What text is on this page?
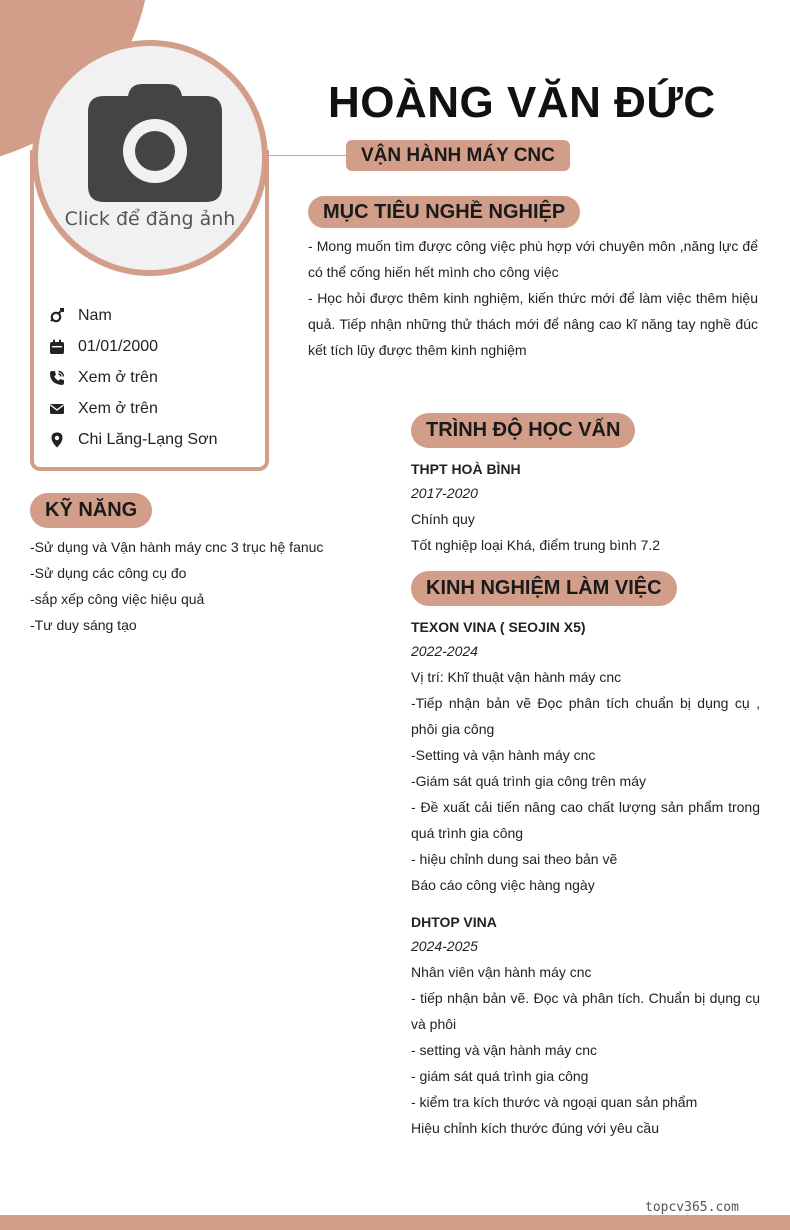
Click để đăng ảnh
Nam
01/01/2000
Xem ở trên
Xem ở trên
Chi Lăng-Lạng Sơn
HOÀNG VĂN ĐỨC
VẬN HÀNH MÁY CNC
MỤC TIÊU NGHỀ NGHIỆP

- Mong muốn tìm được công việc phù hợp với chuyên môn ,năng lực để có thể cống hiến hết mình cho công việc

- Học hỏi được thêm kinh nghiệm, kiến thức mới để làm việc thêm hiệu quả. Tiếp nhận những thử thách mới để nâng cao kĩ năng tay nghề đúc kết tích lũy được thêm kinh nghiệm

KỸ NĂNG
-Sử dụng và Vận hành máy cnc 3 trục hệ fanuc
-Sử dụng các công cụ đo
-sắp xếp công việc hiệu quả
-Tư duy sáng tạo
TRÌNH ĐỘ HỌC VẤN
THPT HOÀ BÌNH
2017-2020
Chính quy
Tốt nghiệp loại Khá, điểm trung bình 7.2
KINH NGHIỆM LÀM VIỆC
TEXON VINA ( SEOJIN X5)
2022-2024
Vị trí: Khĩ thuật vận hành máy cnc
-Tiếp nhận bản vẽ Đọc phân tích chuẩn bị dụng cụ , phôi gia công
-Setting và vận hành máy cnc
-Giám sát quá trình gia công trên máy
- Đề xuất cải tiến nâng cao chất lượng sản phẩm trong quá trình gia công
- hiệu chỉnh dung sai theo bản vẽ
Báo cáo công việc hàng ngày
DHTOP VINA
2024-2025
Nhân viên vận hành máy cnc
- tiếp nhận bản vẽ. Đọc và phân tích. Chuẩn bị dụng cụ và phôi
- setting và vận hành máy cnc
- giám sát quá trình gia công
- kiểm tra kích thước và ngoại quan sản phẩm
Hiệu chỉnh kích thước đúng với yêu cầu
topcv365.com
